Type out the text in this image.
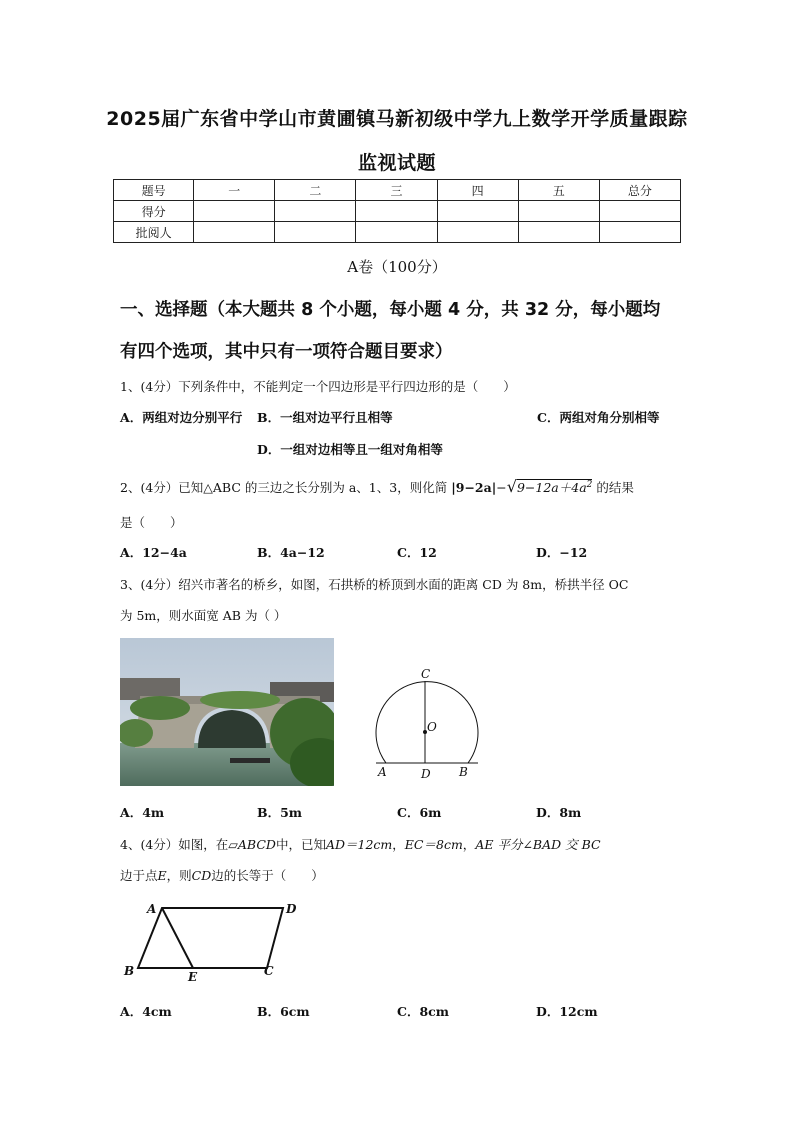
2025届广东省中学山市黄圃镇马新初级中学九上数学开学质量跟踪
监视试题
题号	一	二	三	四	五	总分
得分						
批阅人						
A卷（100分）
一、选择题（本大题共 8 个小题，每小题 4 分，共 32 分，每小题均
有四个选项，其中只有一项符合题目要求）
1、(4分）下列条件中，不能判定一个四边形是平行四边形的是（　　）
A．两组对边分别平行 B．一组对边平行且相等	C．两组对角分别相等
D．一组对边相等且一组对角相等
2、(4分）已知△ABC 的三边之长分别为 a、1、3，则化简 $|9-2a|-√9-12a+4a^2$ 的结果
是（　　）
A．12−4a	B．4a−12	C．12	D．−12
3、(4分）绍兴市著名的桥乡，如图，石拱桥的桥顶到水面的距离 CD 为 8m，桥拱半径 OC
为 5m，则水面宽 AB 为（ ）
C
O
A	D B
A．4m	B．5m	C．6m	D．8m
4、(4分）如图，在▱ABCD中，已知AD＝12cm，EC＝8cm，AE 平分∠BAD 交 BC
边于点E，则CD边的长等于（　　）
A	D
B	E	C
A．4cm	B．6cm	C．8cm	D．12cm
